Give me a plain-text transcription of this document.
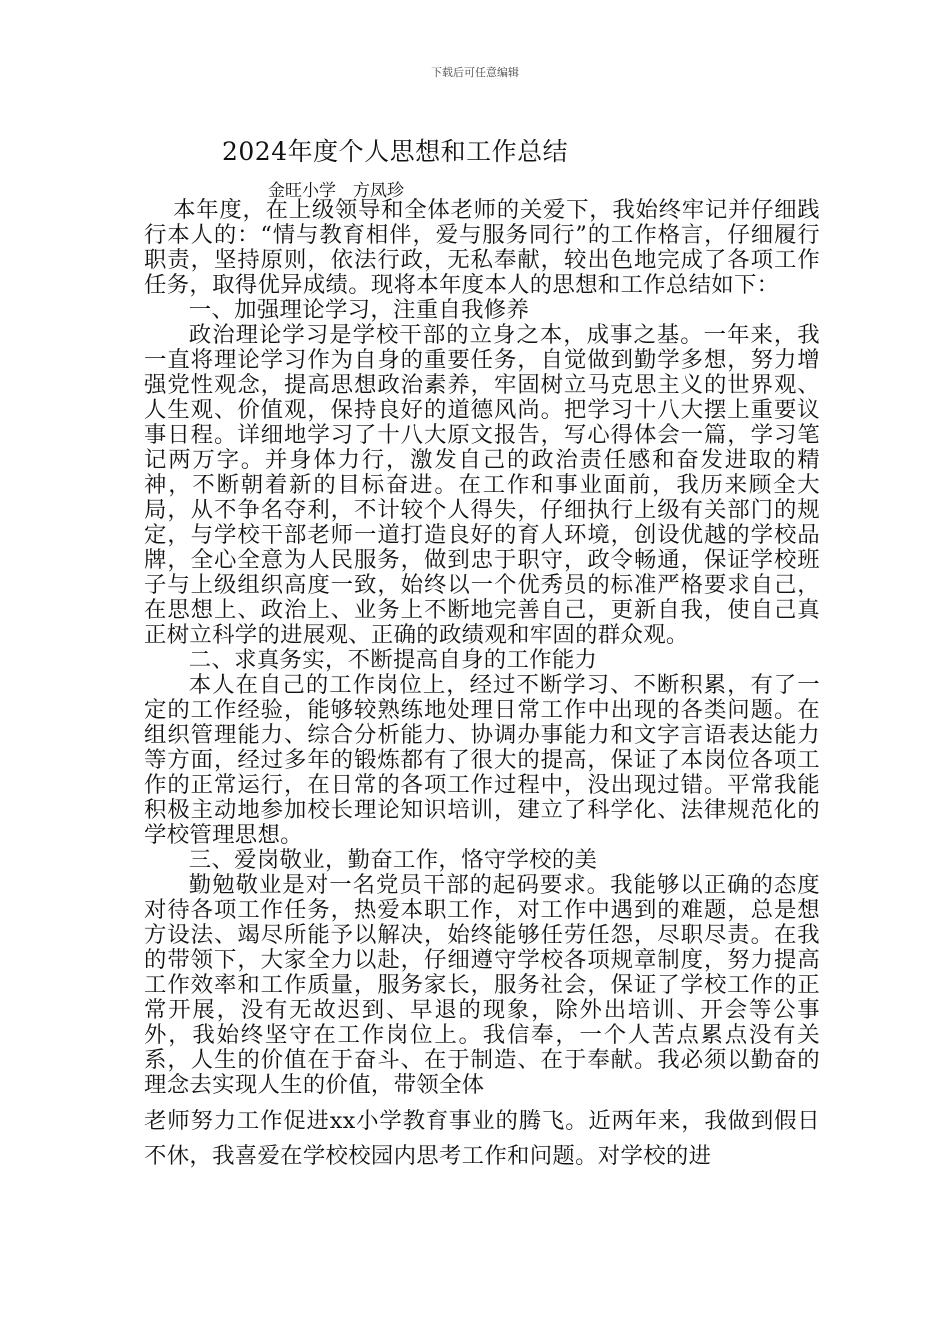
下载后可任意编辑
2024年度个人思想和工作总结
金旺小学　方凤珍

本年度，在上级领导和全体老师的关爱下，我始终牢记并仔细践行本人的：“情与教育相伴，爱与服务同行”的工作格言，仔细履行职责，坚持原则，依法行政，无私奉献，较出色地完成了各项工作任务，取得优异成绩。现将本年度本人的思想和工作总结如下：

一、加强理论学习，注重自我修养

政治理论学习是学校干部的立身之本，成事之基。一年来，我一直将理论学习作为自身的重要任务，自觉做到勤学多想，努力增强党性观念，提高思想政治素养，牢固树立马克思主义的世界观、人生观、价值观，保持良好的道德风尚。把学习十八大摆上重要议事日程。详细地学习了十八大原文报告，写心得体会一篇，学习笔记两万字。并身体力行，激发自己的政治责任感和奋发进取的精神，不断朝着新的目标奋进。在工作和事业面前，我历来顾全大局，从不争名夺利，不计较个人得失，仔细执行上级有关部门的规定，与学校干部老师一道打造良好的育人环境，创设优越的学校品牌，全心全意为人民服务，做到忠于职守，政令畅通，保证学校班子与上级组织高度一致，始终以一个优秀员的标准严格要求自己，在思想上、政治上、业务上不断地完善自己，更新自我，使自己真正树立科学的进展观、正确的政绩观和牢固的群众观。

二、求真务实，不断提高自身的工作能力

本人在自己的工作岗位上，经过不断学习、不断积累，有了一定的工作经验，能够较熟练地处理日常工作中出现的各类问题。在组织管理能力、综合分析能力、协调办事能力和文字言语表达能力等方面，经过多年的锻炼都有了很大的提高，保证了本岗位各项工作的正常运行，在日常的各项工作过程中，没出现过错。平常我能积极主动地参加校长理论知识培训，建立了科学化、法律规范化的学校管理思想。

三、爱岗敬业，勤奋工作，恪守学校的美

勤勉敬业是对一名党员干部的起码要求。我能够以正确的态度对待各项工作任务，热爱本职工作，对工作中遇到的难题，总是想方设法、竭尽所能予以解决，始终能够任劳任怨，尽职尽责。在我的带领下，大家全力以赴，仔细遵守学校各项规章制度，努力提高工作效率和工作质量，服务家长，服务社会，保证了学校工作的正常开展，没有无故迟到、早退的现象，除外出培训、开会等公事外，我始终坚守在工作岗位上。我信奉，一个人苦点累点没有关系，人生的价值在于奋斗、在于制造、在于奉献。我必须以勤奋的理念去实现人生的价值，带领全体

老师努力工作促进xx小学教育事业的腾飞。近两年来，我做到假日不休，我喜爱在学校校园内思考工作和问题。对学校的进
